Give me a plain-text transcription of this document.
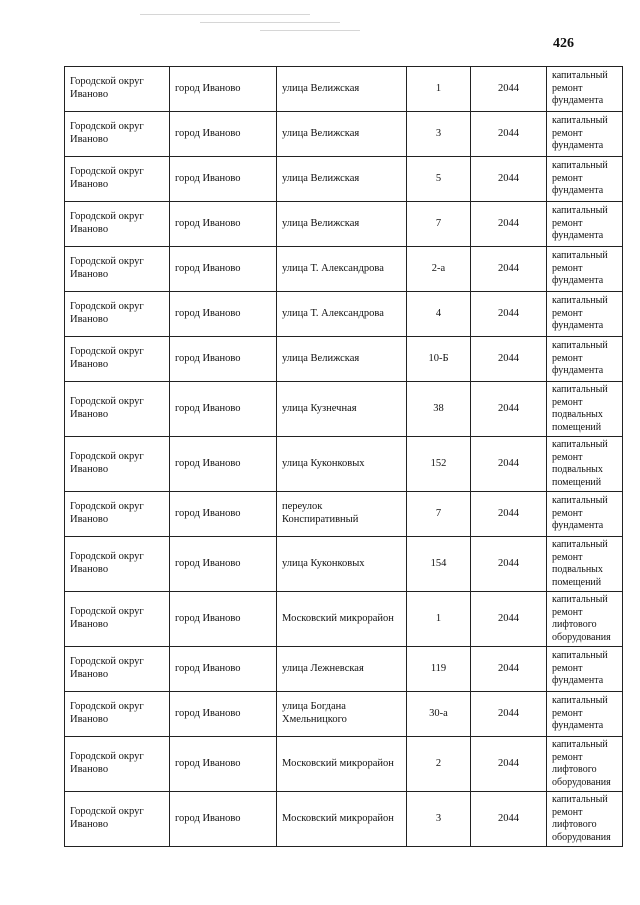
426
Городской округ Иваново	город Иваново	улица Велижская	1	2044	капитальный
ремонт
фундамента

Городской округ Иваново	город Иваново	улица Велижская	3	2044	капитальный
ремонт
фундамента

Городской округ Иваново	город Иваново	улица Велижская	5	2044	капитальный
ремонт
фундамента

Городской округ Иваново	город Иваново	улица Велижская	7	2044	капитальный
ремонт
фундамента

Городской округ Иваново	город Иваново	улица Т. Александрова	2-а	2044	капитальный
ремонт
фундамента

Городской округ Иваново	город Иваново	улица Т. Александрова	4	2044	капитальный
ремонт
фундамента

Городской округ Иваново	город Иваново	улица Велижская	10-Б	2044	капитальный
ремонт
фундамента

Городской округ Иваново	город Иваново	улица Кузнечная	38	2044	капитальный
ремонт
подвальных
помещений

Городской округ Иваново	город Иваново	улица Куконковых	152	2044	капитальный
ремонт
подвальных
помещений

Городской округ Иваново	город Иваново	переулок Конспиративный	7	2044	капитальный
ремонт
фундамента

Городской округ Иваново	город Иваново	улица Куконковых	154	2044	капитальный
ремонт
подвальных
помещений

Городской округ Иваново	город Иваново	Московский микрорайон	1	2044	капитальный
ремонт
лифтового
оборудования

Городской округ Иваново	город Иваново	улица Лежневская	119	2044	капитальный
ремонт
фундамента

Городской округ Иваново	город Иваново	улица Богдана Хмельницкого	30-а	2044	капитальный
ремонт
фундамента

Городской округ Иваново	город Иваново	Московский микрорайон	2	2044	капитальный
ремонт
лифтового
оборудования

Городской округ Иваново	город Иваново	Московский микрорайон	3	2044	капитальный
ремонт
лифтового
оборудования
